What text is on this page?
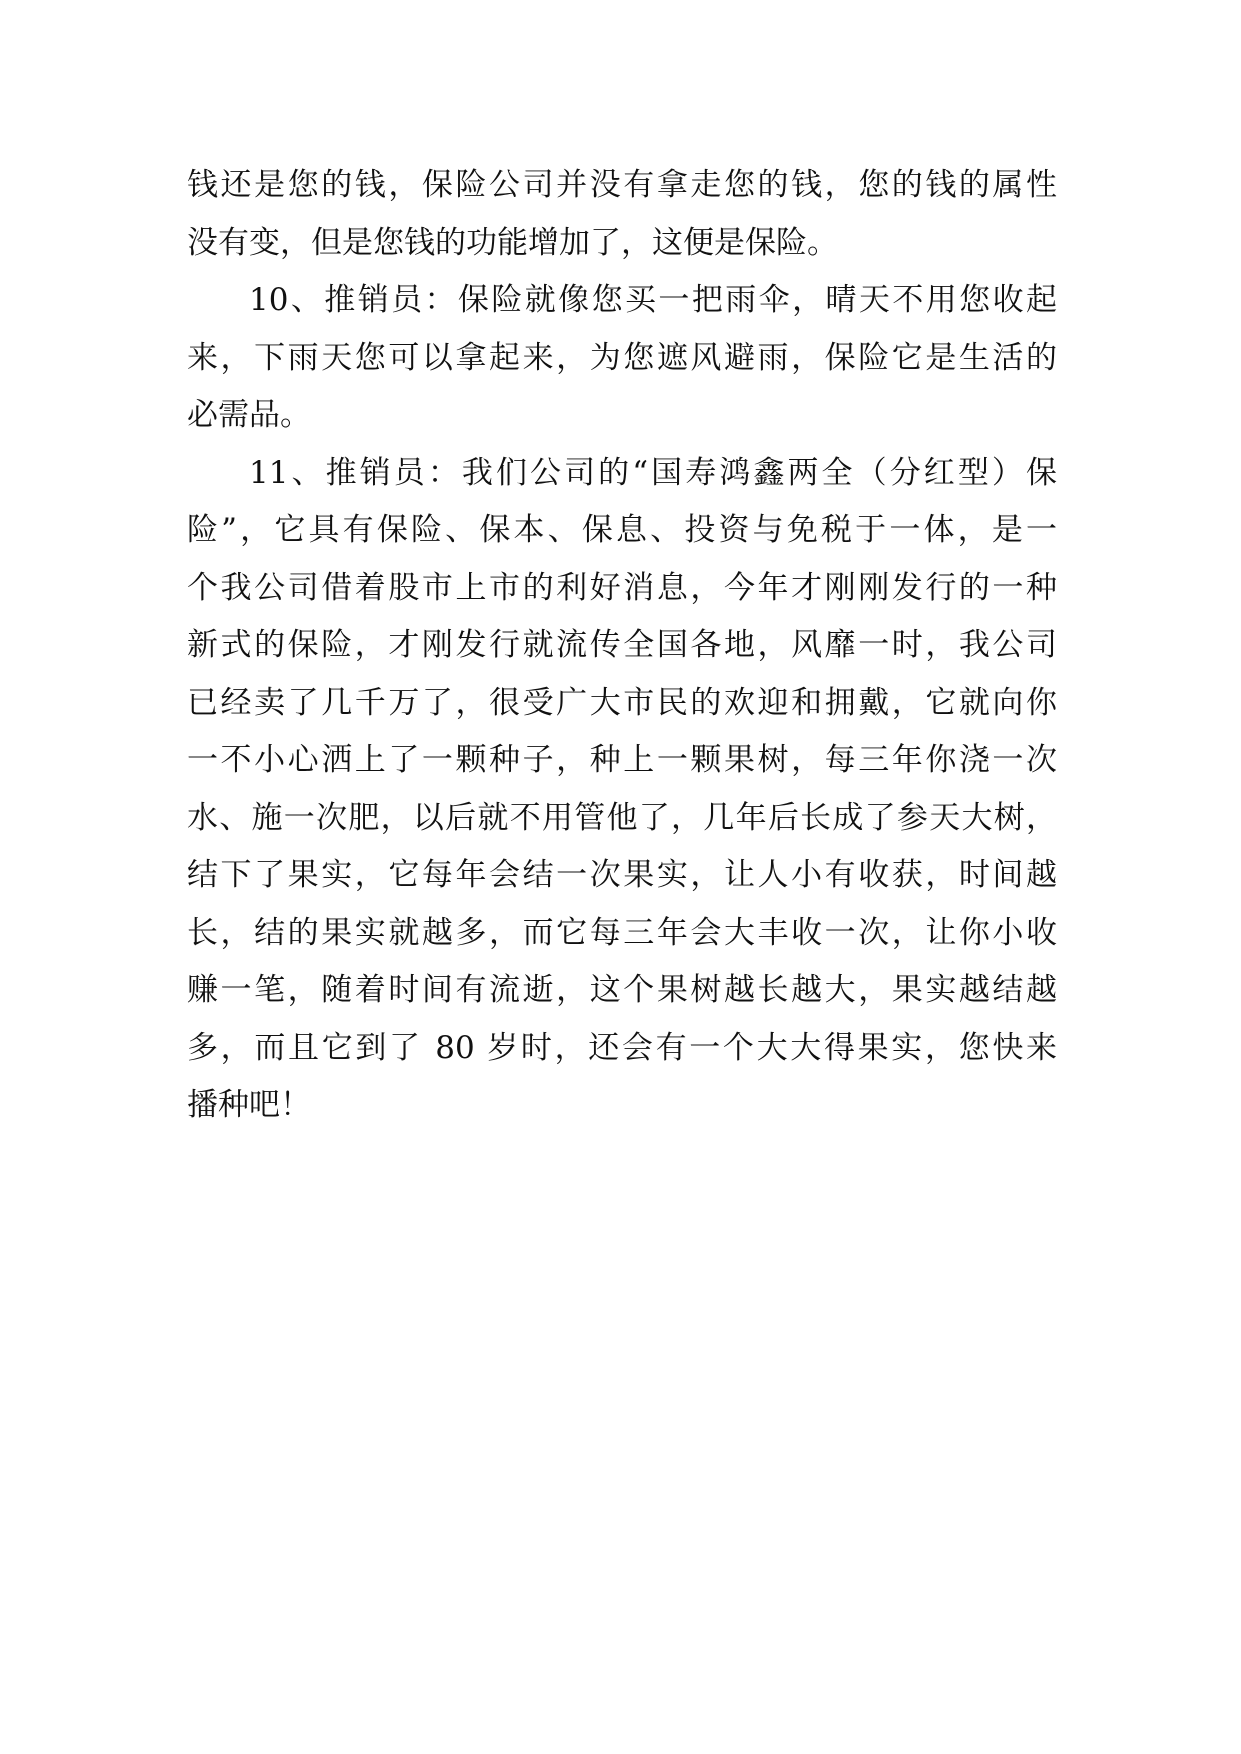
钱还是您的钱，保险公司并没有拿走您的钱，您的钱的属性
没有变，但是您钱的功能增加了，这便是保险。
10、推销员：保险就像您买一把雨伞，晴天不用您收起
来，下雨天您可以拿起来，为您遮风避雨，保险它是生活的
必需品。
11、推销员：我们公司的“国寿鸿鑫两全（分红型）保
险”，它具有保险、保本、保息、投资与免税于一体，是一
个我公司借着股市上市的利好消息，今年才刚刚发行的一种
新式的保险，才刚发行就流传全国各地，风靡一时，我公司
已经卖了几千万了，很受广大市民的欢迎和拥戴，它就向你
一不小心洒上了一颗种子，种上一颗果树，每三年你浇一次
水、施一次肥，以后就不用管他了，几年后长成了参天大树，
结下了果实，它每年会结一次果实，让人小有收获，时间越
长，结的果实就越多，而它每三年会大丰收一次，让你小收
赚一笔，随着时间有流逝，这个果树越长越大，果实越结越
多，而且它到了 80 岁时，还会有一个大大得果实，您快来
播种吧！
